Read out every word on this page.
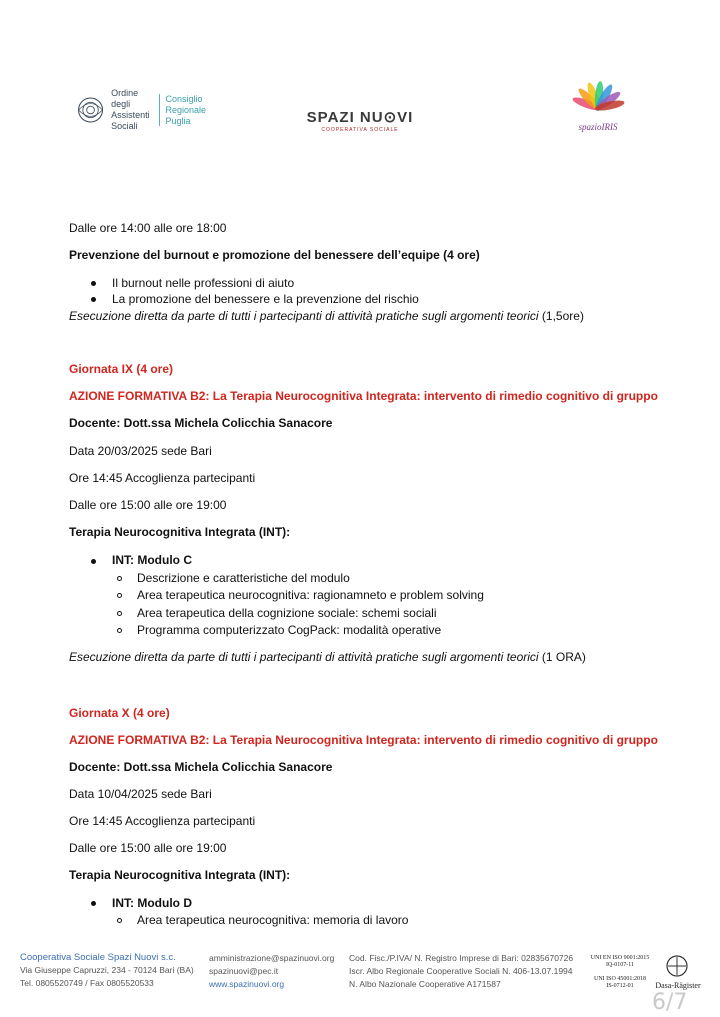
Ordine degli
Assistenti
Sociali
Consiglio
Regionale
Puglia	SPAZI NU⊙VI
COOPERATIVA SOCIALE	spazioIRIS
Dalle ore 14:00 alle ore 18:00
Prevenzione del burnout e promozione del benessere dell’equipe (4 ore)
Il burnout nelle professioni di aiuto
La promozione del benessere e la prevenzione del rischio
Esecuzione diretta da parte di tutti i partecipanti di attività pratiche sugli argomenti teorici (1,5ore)
Giornata IX (4 ore)
AZIONE FORMATIVA B2: La Terapia Neurocognitiva Integrata: intervento di rimedio cognitivo di gruppo
Docente: Dott.ssa Michela Colicchia Sanacore
Data 20/03/2025 sede Bari
Ore 14:45 Accoglienza partecipanti
Dalle ore 15:00 alle ore 19:00
Terapia Neurocognitiva Integrata (INT):
INT: Modulo C
Descrizione e caratteristiche del modulo
Area terapeutica neurocognitiva: ragionamneto e problem solving
Area terapeutica della cognizione sociale: schemi sociali
Programma computerizzato CogPack: modalità operative
Esecuzione diretta da parte di tutti i partecipanti di attività pratiche sugli argomenti teorici (1 ORA)
Giornata X (4 ore)
AZIONE FORMATIVA B2: La Terapia Neurocognitiva Integrata: intervento di rimedio cognitivo di gruppo
Docente: Dott.ssa Michela Colicchia Sanacore
Data 10/04/2025 sede Bari
Ore 14:45 Accoglienza partecipanti
Dalle ore 15:00 alle ore 19:00
Terapia Neurocognitiva Integrata (INT):
INT: Modulo D
Area terapeutica neurocognitiva: memoria di lavoro
Cooperativa Sociale Spazi Nuovi s.c.
Via Giuseppe Capruzzi, 234 - 70124 Bari (BA)
Tel. 0805520749 / Fax 0805520533
amministrazione@spazinuovi.org
spazinuovi@pec.it
www.spazinuovi.org
Cod. Fisc./P.IVA/ N. Registro Imprese di Bari: 02835670726
Iscr. Albo Regionale Cooperative Sociali N. 406-13.07.1994
N. Albo Nazionale Cooperative A171587
UNI EN ISO 9001:2015
IQ-0107-11
UNI ISO 45001:2018
IS-0712-01	Dasa-Rägister
6/7
